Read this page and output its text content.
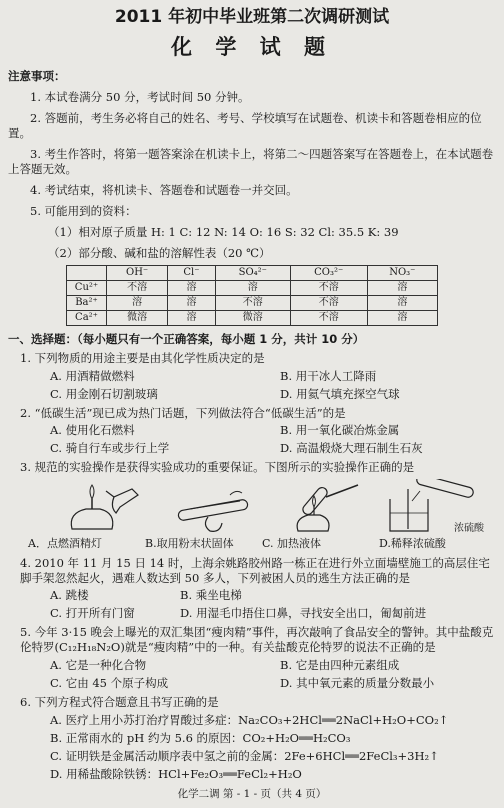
2011 年初中毕业班第二次调研测试
化 学 试 题
注意事项：
1. 本试卷满分 50 分，考试时间 50 分钟。
2. 答题前，考生务必将自己的姓名、考号、学校填写在试题卷、机读卡和答题卷相应的位置。
3. 考生作答时，将第一题答案涂在机读卡上，将第二～四题答案写在答题卷上，在本试题卷上答题无效。
4. 考试结束，将机读卡、答题卷和试题卷一并交回。
5. 可能用到的资料：
（1）相对原子质量 H: 1 C: 12 N: 14 O: 16 S: 32 Cl: 35.5 K: 39
（2）部分酸、碱和盐的溶解性表（20 ℃）
	OH⁻	Cl⁻	SO₄²⁻	CO₃²⁻	NO₃⁻
Cu²⁺	不溶	溶	溶	不溶	溶
Ba²⁺	溶	溶	不溶	不溶	溶
Ca²⁺	微溶	溶	微溶	不溶	溶
一、选择题：（每小题只有一个正确答案，每小题 1 分，共计 10 分）
1. 下列物质的用途主要是由其化学性质决定的是
A. 用酒精做燃料	B. 用干冰人工降雨
C. 用金刚石切割玻璃	D. 用氦气填充探空气球
2. “低碳生活”现已成为热门话题，下列做法符合“低碳生活”的是
A. 使用化石燃料	B. 用一氧化碳冶炼金属
C. 骑自行车或步行上学	D. 高温煅烧大理石制生石灰
3. 规范的实验操作是获得实验成功的重要保证。下图所示的实验操作正确的是
浓硫酸
A．点燃酒精灯	B.取用粉末状固体	C. 加热液体	D.稀释浓硫酸
4. 2010 年 11 月 15 日 14 时，上海余姚路胶州路一栋正在进行外立面墙壁施工的高层住宅脚手架忽然起火，遇难人数达到 50 多人，下列被困人员的逃生方法正确的是
A. 跳楼	B. 乘坐电梯
C. 打开所有门窗	D. 用湿毛巾捂住口鼻，寻找安全出口，匍匐前进
5. 今年 3·15 晚会上曝光的双汇集团“瘦肉精”事件，再次敲响了食品安全的警钟。其中盐酸克伦特罗(C₁₂H₁₈N₂O)就是“瘦肉精”中的一种。有关盐酸克伦特罗的说法不正确的是
A. 它是一种化合物	B. 它是由四种元素组成
C. 它由 45 个原子构成	D. 其中氧元素的质量分数最小
6. 下列方程式符合题意且书写正确的是
A. 医疗上用小苏打治疗胃酸过多症：Na₂CO₃+2HCl══2NaCl+H₂O+CO₂↑
B. 正常雨水的 pH 约为 5.6 的原因：CO₂+H₂O══H₂CO₃
C. 证明铁是金属活动顺序表中氢之前的金属：2Fe+6HCl══2FeCl₃+3H₂↑
D. 用稀盐酸除铁锈：HCl+Fe₂O₃══FeCl₂+H₂O
化学二调 第 - 1 - 页（共 4 页）
